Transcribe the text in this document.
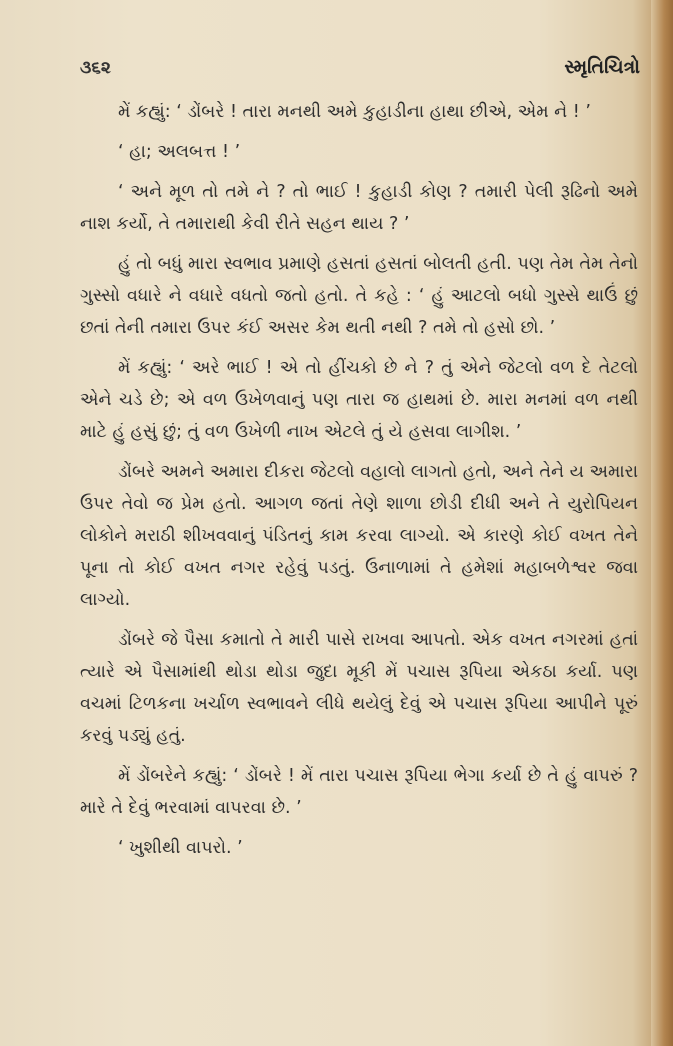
૩૬૨	સ્મૃતિચિત્રો

મેં કહ્યું: ‘ ડોંબરે ! તારા મનથી અમે કુહાડીના હાથા છીએ, એમ ને ! ’

‘ હા; અલબત્ત ! ’

‘ અને મૂળ તો તમે ને ? તો ભાઈ ! કુહાડી કોણ ? તમારી પેલી રૂઢિનો અમે નાશ કર્યો, તે તમારાથી કેવી રીતે સહન થાય ? ’

હું તો બધું મારા સ્વભાવ પ્રમાણે હસતાં હસતાં બોલતી હતી. પણ તેમ તેમ તેનો ગુસ્સો વધારે ને વધારે વધતો જતો હતો. તે કહે : ‘ હું આટલો બધો ગુસ્સે થાઉં છું છતાં તેની તમારા ઉપર કંઈ અસર કેમ થતી નથી ? તમે તો હસો છો. ’

મેં કહ્યું: ‘ અરે ભાઈ ! એ તો હીંચકો છે ને ? તું એને જેટલો વળ દે તેટલો એને ચડે છે; એ વળ ઉખેળવાનું પણ તારા જ હાથમાં છે. મારા મનમાં વળ નથી માટે હું હસું છું; તું વળ ઉખેળી નાખ એટલે તું યે હસવા લાગીશ. ’

ડોંબરે અમને અમારા દીકરા જેટલો વહાલો લાગતો હતો, અને તેને ય અમારા ઉપર તેવો જ પ્રેમ હતો. આગળ જતાં તેણે શાળા છોડી દીધી અને તે યુરોપિયન લોકોને મરાઠી શીખવવાનું પંડિતનું કામ કરવા લાગ્યો. એ કારણે કોઈ વખત તેને પૂના તો કોઈ વખત નગર રહેવું પડતું. ઉનાળામાં તે હમેશાં મહાબળેશ્વર જવા લાગ્યો.

ડોંબરે જે પૈસા કમાતો તે મારી પાસે રાખવા આપતો. એક વખત નગરમાં હતાં ત્યારે એ પૈસામાંથી થોડા થોડા જુદા મૂકી મેં પચાસ રૂપિયા એકઠા કર્યા. પણ વચમાં ટિળકના ખર્ચાળ સ્વભાવને લીધે થયેલું દેવું એ પચાસ રૂપિયા આપીને પૂરું કરવું પડ્યું હતું.

મેં ડોંબરેને કહ્યું: ‘ ડોંબરે ! મેં તારા પચાસ રૂપિયા ભેગા કર્યા છે તે હું વાપરું ? મારે તે દેવું ભરવામાં વાપરવા છે. ’

‘ ખુશીથી વાપરો. ’
